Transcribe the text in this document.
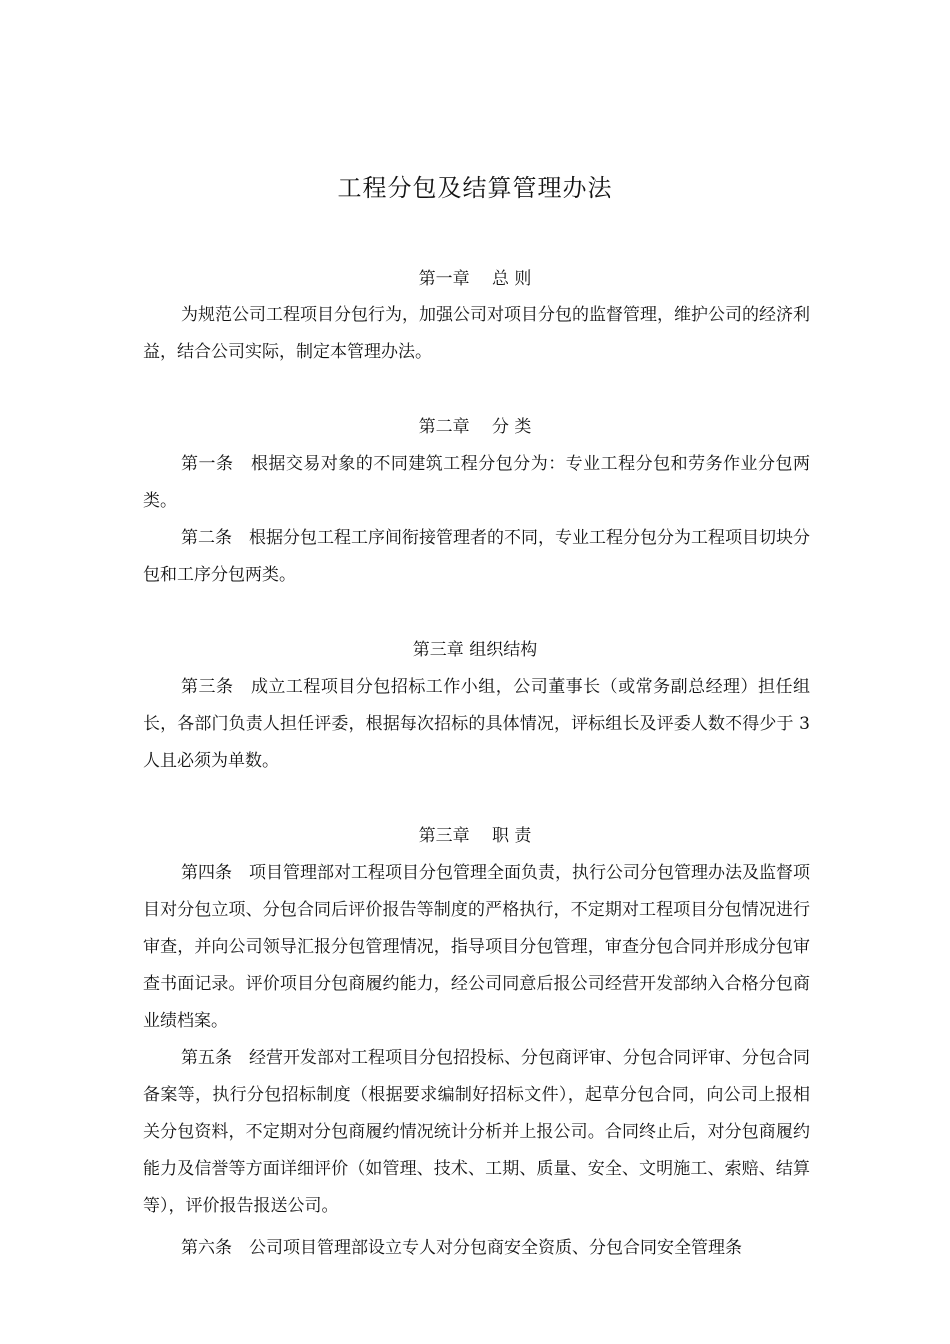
工程分包及结算管理办法
第一章　 总 则
为规范公司工程项目分包行为，加强公司对项目分包的监督管理，维护公司的经济利益，结合公司实际，制定本管理办法。
第二章　 分 类
第一条　根据交易对象的不同建筑工程分包分为：专业工程分包和劳务作业分包两类。
第二条　根据分包工程工序间衔接管理者的不同，专业工程分包分为工程项目切块分包和工序分包两类。
第三章 组织结构
第三条　成立工程项目分包招标工作小组，公司董事长（或常务副总经理）担任组长，各部门负责人担任评委，根据每次招标的具体情况，评标组长及评委人数不得少于 3 人且必须为单数。
第三章　 职 责
第四条　项目管理部对工程项目分包管理全面负责，执行公司分包管理办法及监督项目对分包立项、分包合同后评价报告等制度的严格执行，不定期对工程项目分包情况进行审查，并向公司领导汇报分包管理情况，指导项目分包管理，审查分包合同并形成分包审查书面记录。评价项目分包商履约能力，经公司同意后报公司经营开发部纳入合格分包商业绩档案。
第五条　经营开发部对工程项目分包招投标、分包商评审、分包合同评审、分包合同备案等，执行分包招标制度（根据要求编制好招标文件），起草分包合同，向公司上报相关分包资料，不定期对分包商履约情况统计分析并上报公司。合同终止后，对分包商履约能力及信誉等方面详细评价（如管理、技术、工期、质量、安全、文明施工、索赔、结算等），评价报告报送公司。
第六条　公司项目管理部设立专人对分包商安全资质、分包合同安全管理条
